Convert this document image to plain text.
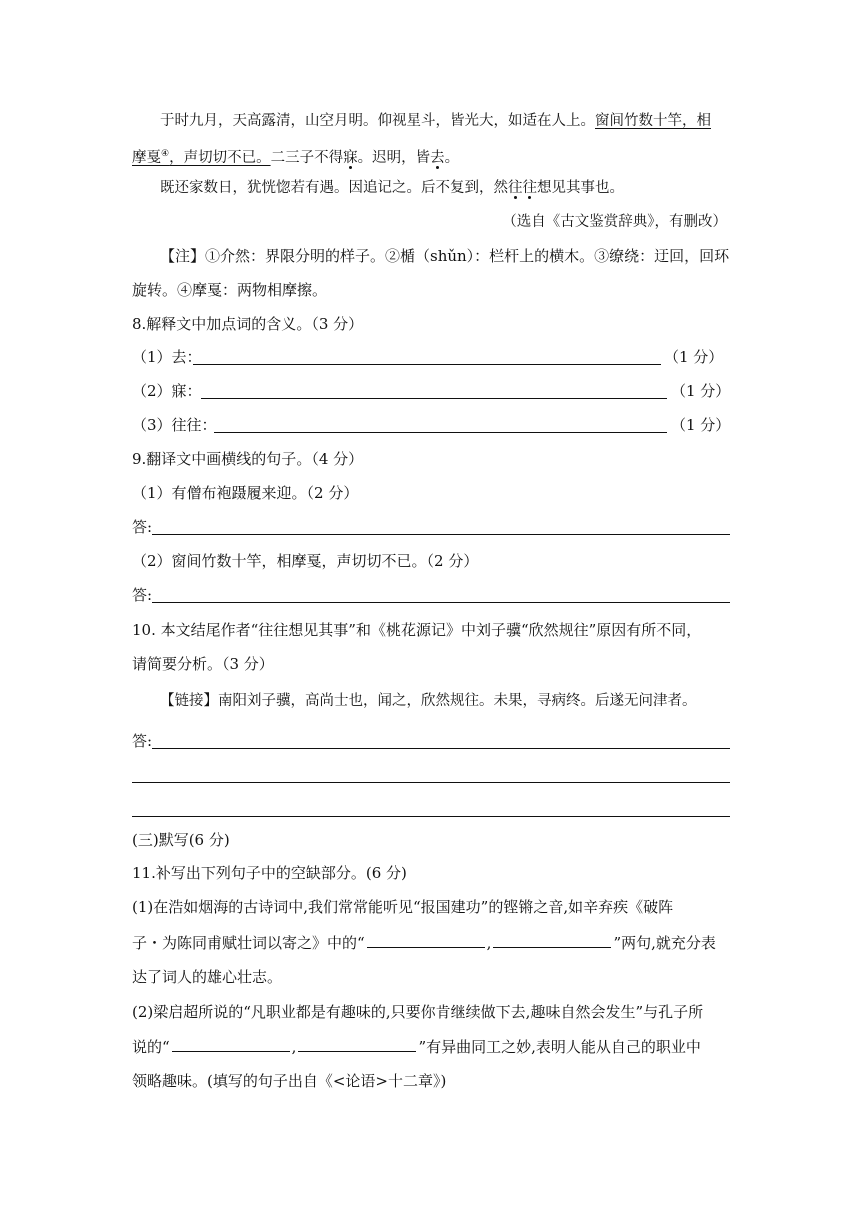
于时九月，天高露清，山空月明。仰视星斗，皆光大，如适在人上。窗间竹数十竿，相
摩戛④，声切切不已。二三子不得寐。迟明，皆去。
既还家数日，犹恍惚若有遇。因追记之。后不复到，然往往想见其事也。
（选自《古文鉴赏辞典》，有删改）
【注】①介然：界限分明的样子。②楯（shǔn）：栏杆上的横木。③缭绕：迂回，回环
旋转。④摩戛：两物相摩擦。
8.解释文中加点词的含义。（3 分）
（1）去：	（1 分）
（2）寐：	（1 分）
（3）往往：	（1 分）
9.翻译文中画横线的句子。（4 分）
（1）有僧布袍蹑履来迎。（2 分）
答:
（2）窗间竹数十竿，相摩戛，声切切不已。（2 分）
答:
10. 本文结尾作者“往往想见其事”和《桃花源记》中刘子骥“欣然规往”原因有所不同，
请简要分析。（3 分）
【链接】南阳刘子骥，高尚士也，闻之，欣然规往。未果，寻病终。后遂无问津者。
答:
(三)默写(6 分)
11.补写出下列句子中的空缺部分。(6 分)
(1)在浩如烟海的古诗词中,我们常常能听见“报国建功”的铿锵之音,如辛弃疾《破阵
子・为陈同甫赋壮词以寄之》中的“	,	”两句,就充分表
达了词人的雄心壮志。
(2)梁启超所说的“凡职业都是有趣味的,只要你肯继续做下去,趣味自然会发生”与孔子所
说的“	,	”有异曲同工之妙,表明人能从自己的职业中
领略趣味。(填写的句子出自《<论语>十二章》)
